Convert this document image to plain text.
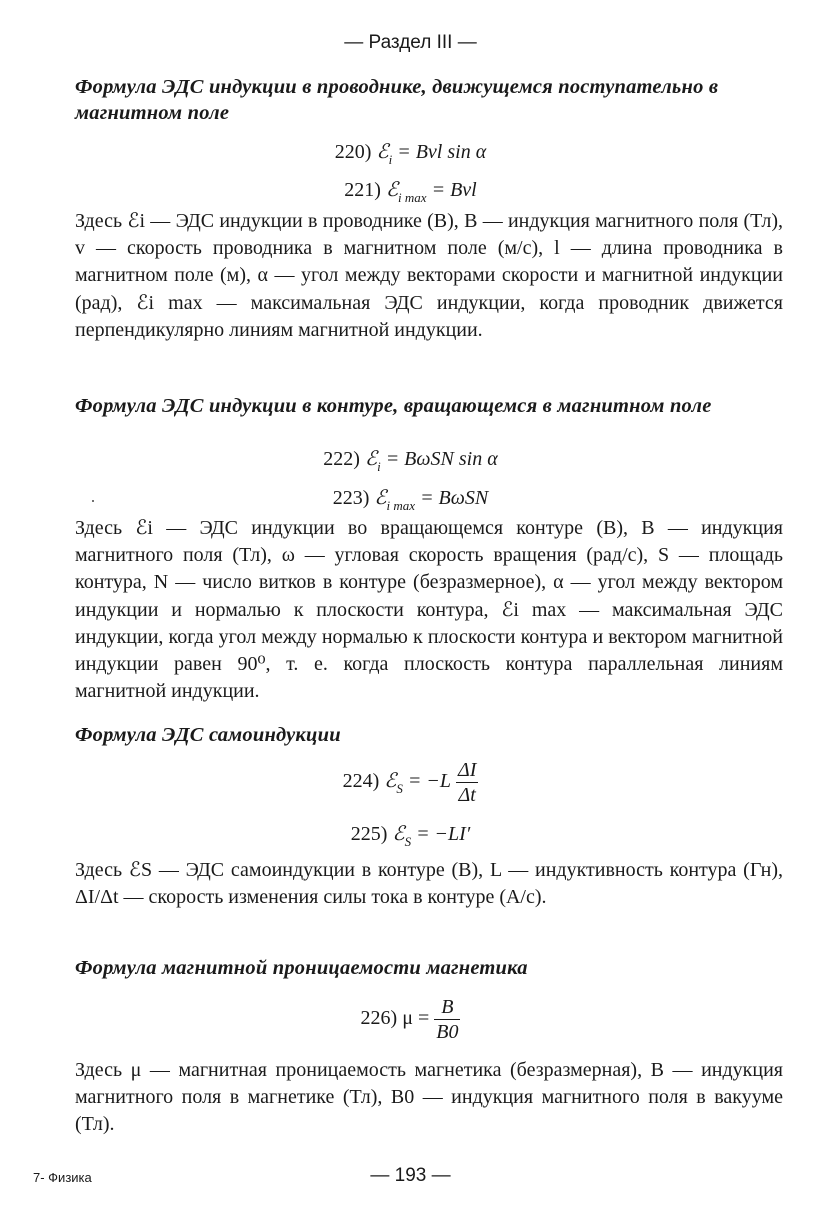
— Раздел III —
Формула ЭДС индукции в проводнике, движущемся поступательно в магнитном поле
220) ℰ$_i$ = Bvl sin α
221) ℰ$_{i max}$ = Bvl
Здесь ℰi — ЭДС индукции в проводнике (В), B — индукция магнитного поля (Тл), v — скорость проводника в магнитном поле (м/с), l — длина проводника в магнитном поле (м), α — угол между векторами скорости и магнитной индукции (рад), ℰi max — максимальная ЭДС индукции, когда проводник движется перпендикулярно линиям магнитной индукции.
Формула ЭДС индукции в контуре, вращающемся в магнитном поле
222) ℰ$_i$ = BωSN sin α
223) ℰ$_{i max}$ = BωSN
Здесь ℰi — ЭДС индукции во вращающемся контуре (В), B — индукция магнитного поля (Тл), ω — угловая скорость вращения (рад/с), S — площадь контура, N — число витков в контуре (безразмерное), α — угол между вектором индукции и нормалью к плоскости контура, ℰi max — максимальная ЭДС индукции, когда угол между нормалью к плоскости контура и вектором магнитной индукции равен 90⁰, т. е. когда плоскость контура параллельная линиям магнитной индукции.
Формула ЭДС самоиндукции
224) ℰ$_S$ = $-L \frac{\Delta I}{\Delta t}$
225) ℰ$_S$ = −LI′
Здесь ℰS — ЭДС самоиндукции в контуре (В), L — индуктивность контура (Гн), ΔI/Δt — скорость изменения силы тока в контуре (А/с).
Формула магнитной проницаемости магнетика
226) $\mu = \frac{B}{B0}$
Здесь μ — магнитная проницаемость магнетика (безразмерная), B — индукция магнитного поля в магнетике (Тл), B0 — индукция магнитного поля в вакууме (Тл).
7- Физика	— 193 —
